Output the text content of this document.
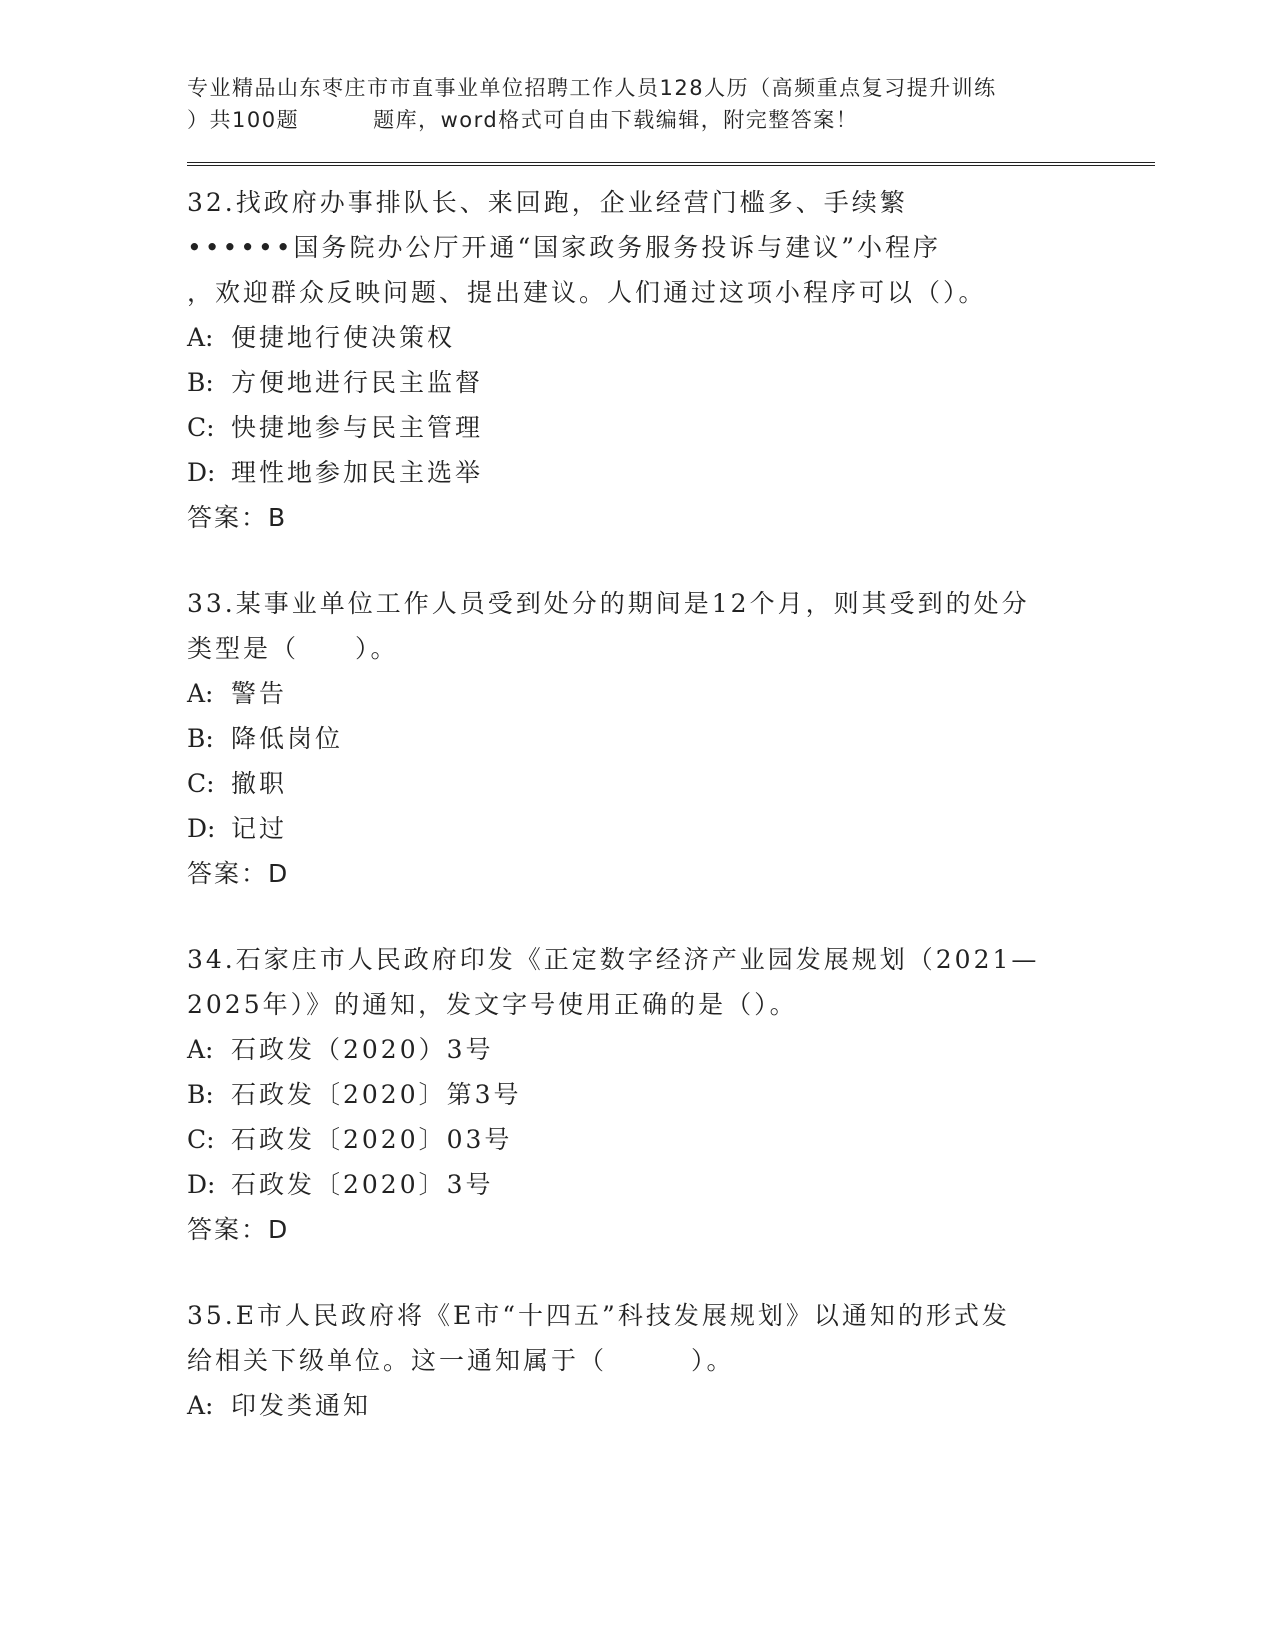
专业精品山东枣庄市市直事业单位招聘工作人员128人历（高频重点复习提升训练
）共100题	题库，word格式可自由下载编辑，附完整答案！
32.找政府办事排队长、来回跑，企业经营门槛多、手续繁
••••••国务院办公厅开通“国家政务服务投诉与建议”小程序
，欢迎群众反映问题、提出建议。人们通过这项小程序可以（）。
A: 便捷地行使决策权
B: 方便地进行民主监督
C: 快捷地参与民主管理
D: 理性地参加民主选举
答案：B
33.某事业单位工作人员受到处分的期间是12个月，则其受到的处分
类型是（　　）。
A: 警告
B: 降低岗位
C: 撤职
D: 记过
答案：D
34.石家庄市人民政府印发《正定数字经济产业园发展规划（2021—
2025年）》的通知，发文字号使用正确的是（）。
A: 石政发（2020）3号
B: 石政发〔2020〕第3号
C: 石政发〔2020〕03号
D: 石政发〔2020〕3号
答案：D
35.E市人民政府将《E市“十四五”科技发展规划》以通知的形式发
给相关下级单位。这一通知属于（　　　）。
A: 印发类通知
